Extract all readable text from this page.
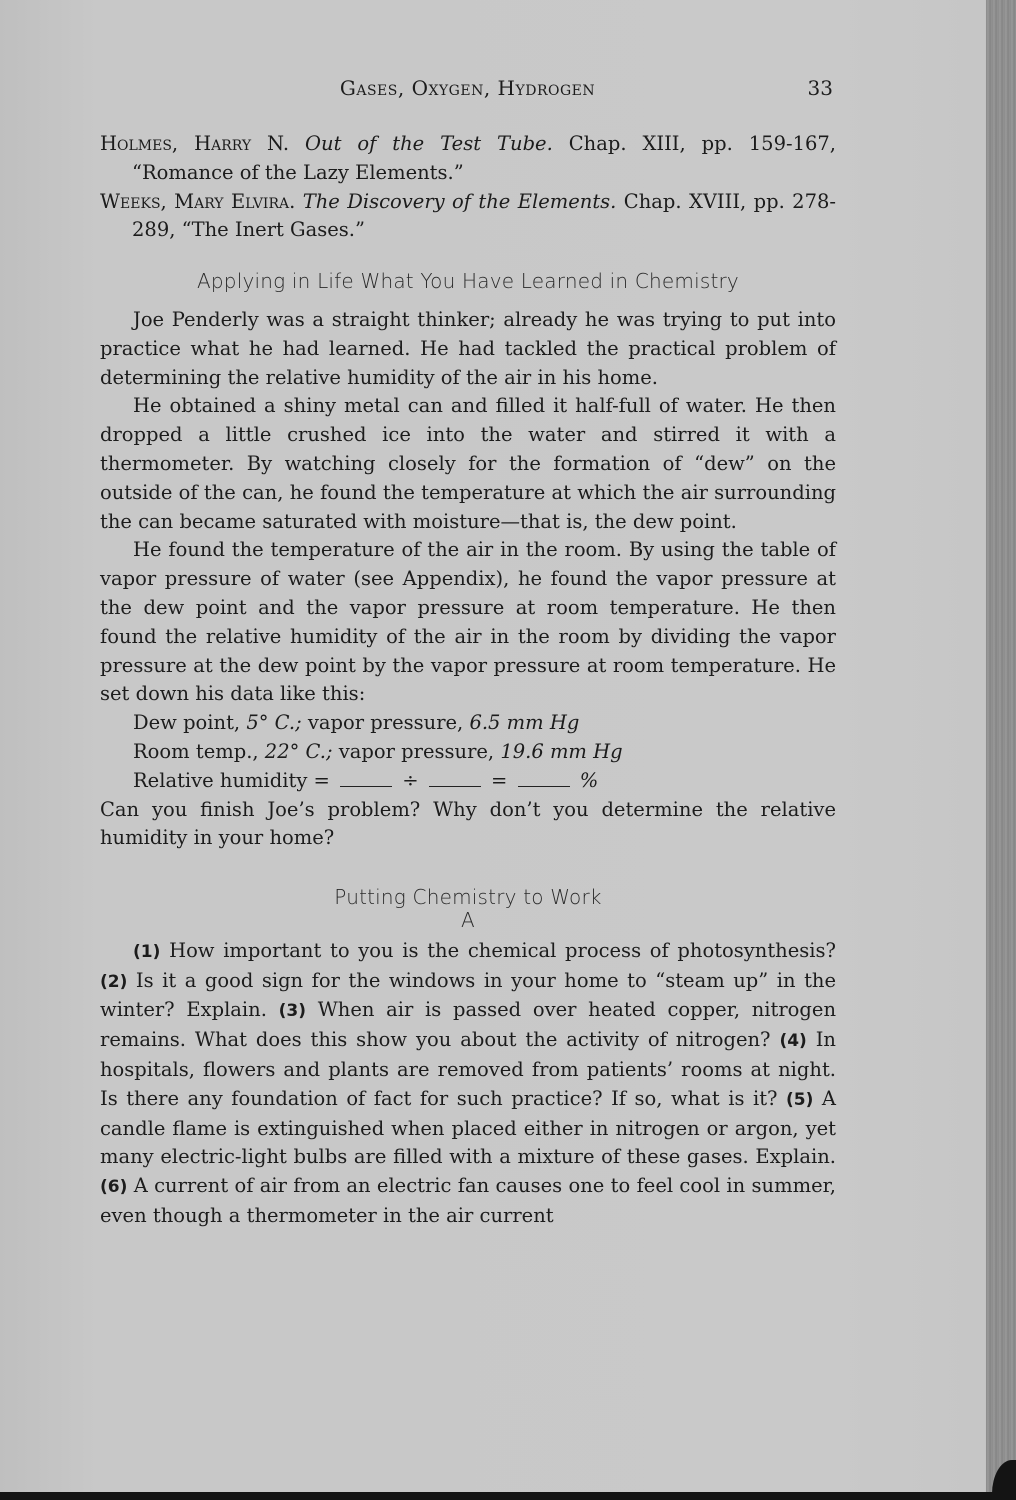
Gases, Oxygen, Hydrogen	33

Holmes, Harry N. Out of the Test Tube. Chap. XIII, pp. 159-167, “Romance of the Lazy Elements.”

Weeks, Mary Elvira. The Discovery of the Elements. Chap. XVIII, pp. 278-289, “The Inert Gases.”

Applying in Life What You Have Learned in Chemistry

Joe Penderly was a straight thinker; already he was trying to put into practice what he had learned. He had tackled the practical problem of determining the relative humidity of the air in his home.

He obtained a shiny metal can and filled it half-full of water. He then dropped a little crushed ice into the water and stirred it with a thermometer. By watching closely for the formation of “dew” on the outside of the can, he found the temperature at which the air surrounding the can became saturated with moisture—that is, the dew point.

He found the temperature of the air in the room. By using the table of vapor pressure of water (see Appendix), he found the vapor pressure at the dew point and the vapor pressure at room temperature. He then found the relative humidity of the air in the room by dividing the vapor pressure at the dew point by the vapor pressure at room temperature. He set down his data like this:

Dew point, 5° C.; vapor pressure, 6.5 mm Hg

Room temp., 22° C.; vapor pressure, 19.6 mm Hg

Relative humidity =	÷	=	%

Can you finish Joe’s problem? Why don’t you determine the relative humidity in your home?

Putting Chemistry to Work
A

(1) How important to you is the chemical process of photosynthesis? (2) Is it a good sign for the windows in your home to “steam up” in the winter? Explain. (3) When air is passed over heated copper, nitrogen remains. What does this show you about the activity of nitrogen? (4) In hospitals, flowers and plants are removed from patients’ rooms at night. Is there any foundation of fact for such practice? If so, what is it? (5) A candle flame is extinguished when placed either in nitrogen or argon, yet many electric-light bulbs are filled with a mixture of these gases. Explain. (6) A current of air from an electric fan causes one to feel cool in summer, even though a thermometer in the air current
